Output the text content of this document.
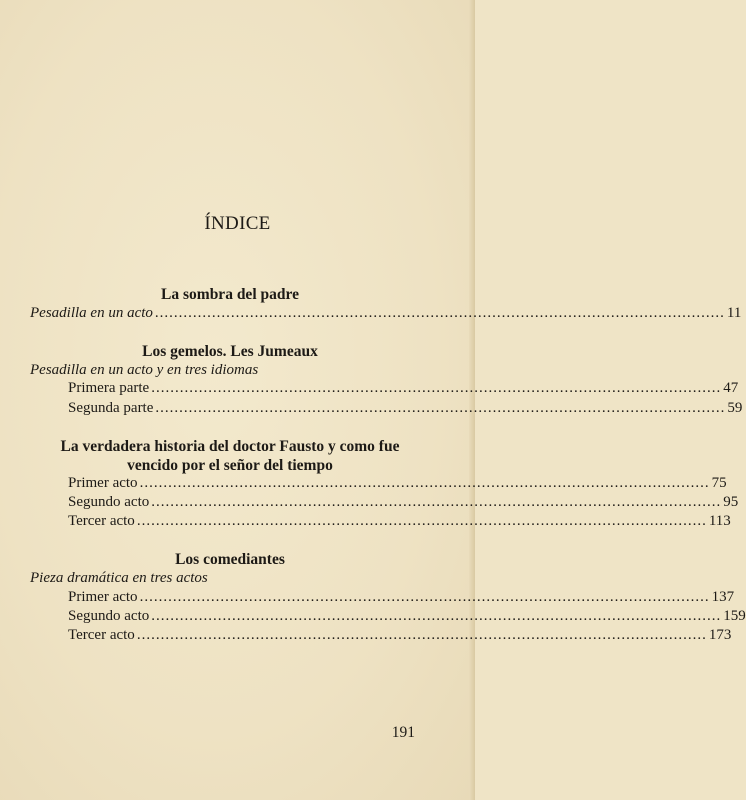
ÍNDICE
La sombra del padre
Pesadilla en un acto ........................................................................................................................ 11
Los gemelos. Les Jumeaux
Pesadilla en un acto y en tres idiomas
Primera parte ........................................................................................................................ 47
Segunda parte ........................................................................................................................ 59
La verdadera historia del doctor Fausto y como fue
vencido por el señor del tiempo
Primer acto ........................................................................................................................ 75
Segundo acto ........................................................................................................................ 95
Tercer acto ........................................................................................................................ 113
Los comediantes
Pieza dramática en tres actos
Primer acto ........................................................................................................................ 137
Segundo acto ........................................................................................................................ 159
Tercer acto ........................................................................................................................ 173
191
